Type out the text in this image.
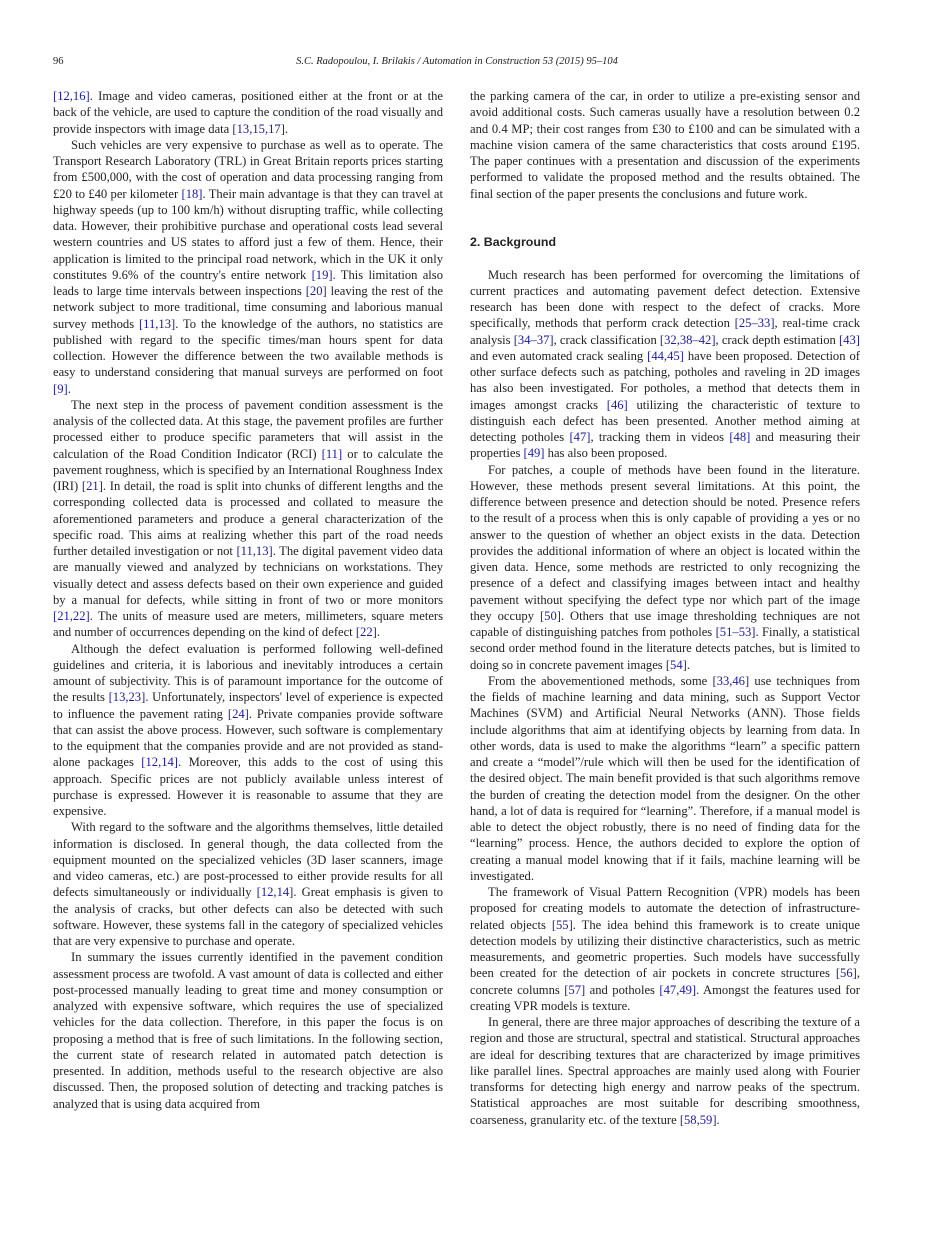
96	S.C. Radopoulou, I. Brilakis / Automation in Construction 53 (2015) 95–104

[12,16]. Image and video cameras, positioned either at the front or at the back of the vehicle, are used to capture the condition of the road visually and provide inspectors with image data [13,15,17].

Such vehicles are very expensive to purchase as well as to operate. The Transport Research Laboratory (TRL) in Great Britain reports prices starting from £500,000, with the cost of operation and data processing ranging from £20 to £40 per kilometer [18]. Their main advantage is that they can travel at highway speeds (up to 100 km/h) without disrupting traffic, while collecting data. However, their prohibitive purchase and operational costs lead several western countries and US states to afford just a few of them. Hence, their application is limited to the principal road network, which in the UK it only constitutes 9.6% of the country's entire network [19]. This limitation also leads to large time intervals between inspections [20] leaving the rest of the network subject to more traditional, time consuming and laborious manual survey methods [11,13]. To the knowledge of the authors, no statistics are published with regard to the specific times/man hours spent for data collection. However the difference between the two available methods is easy to understand considering that manual surveys are performed on foot [9].

The next step in the process of pavement condition assessment is the analysis of the collected data. At this stage, the pavement profiles are further processed either to produce specific parameters that will assist in the calculation of the Road Condition Indicator (RCI) [11] or to calculate the pavement roughness, which is specified by an International Roughness Index (IRI) [21]. In detail, the road is split into chunks of different lengths and the corresponding collected data is processed and collated to measure the aforementioned parameters and produce a general characterization of the specific road. This aims at realizing whether this part of the road needs further detailed investigation or not [11,13]. The digital pavement video data are manually viewed and analyzed by technicians on workstations. They visually detect and assess defects based on their own experience and guided by a manual for defects, while sitting in front of two or more monitors [21,22]. The units of measure used are meters, millimeters, square meters and number of occurrences depending on the kind of defect [22].

Although the defect evaluation is performed following well-defined guidelines and criteria, it is laborious and inevitably introduces a certain amount of subjectivity. This is of paramount importance for the outcome of the results [13,23]. Unfortunately, inspectors' level of experience is expected to influence the pavement rating [24]. Private companies provide software that can assist the above process. However, such software is complementary to the equipment that the companies provide and are not provided as stand-alone packages [12,14]. Moreover, this adds to the cost of using this approach. Specific prices are not publicly available unless interest of purchase is expressed. However it is reasonable to assume that they are expensive.

With regard to the software and the algorithms themselves, little detailed information is disclosed. In general though, the data collected from the equipment mounted on the specialized vehicles (3D laser scanners, image and video cameras, etc.) are post-processed to either provide results for all defects simultaneously or individually [12,14]. Great emphasis is given to the analysis of cracks, but other defects can also be detected with such software. However, these systems fall in the category of specialized vehicles that are very expensive to purchase and operate.

In summary the issues currently identified in the pavement condition assessment process are twofold. A vast amount of data is collected and either post-processed manually leading to great time and money consumption or analyzed with expensive software, which requires the use of specialized vehicles for the data collection. Therefore, in this paper the focus is on proposing a method that is free of such limitations. In the following section, the current state of research related in automated patch detection is presented. In addition, methods useful to the research objective are also discussed. Then, the proposed solution of detecting and tracking patches is analyzed that is using data acquired from

the parking camera of the car, in order to utilize a pre-existing sensor and avoid additional costs. Such cameras usually have a resolution between 0.2 and 0.4 MP; their cost ranges from £30 to £100 and can be simulated with a machine vision camera of the same characteristics that costs around £195. The paper continues with a presentation and discussion of the experiments performed to validate the proposed method and the results obtained. The final section of the paper presents the conclusions and future work.

2. Background

Much research has been performed for overcoming the limitations of current practices and automating pavement defect detection. Extensive research has been done with respect to the defect of cracks. More specifically, methods that perform crack detection [25–33], real-time crack analysis [34–37], crack classification [32,38–42], crack depth estimation [43] and even automated crack sealing [44,45] have been proposed. Detection of other surface defects such as patching, potholes and raveling in 2D images has also been investigated. For potholes, a method that detects them in images amongst cracks [46] utilizing the characteristic of texture to distinguish each defect has been presented. Another method aiming at detecting potholes [47], tracking them in videos [48] and measuring their properties [49] has also been proposed.

For patches, a couple of methods have been found in the literature. However, these methods present several limitations. At this point, the difference between presence and detection should be noted. Presence refers to the result of a process when this is only capable of providing a yes or no answer to the question of whether an object exists in the data. Detection provides the additional information of where an object is located within the given data. Hence, some methods are restricted to only recognizing the presence of a defect and classifying images between intact and healthy pavement without specifying the defect type nor which part of the image they occupy [50]. Others that use image thresholding techniques are not capable of distinguishing patches from potholes [51–53]. Finally, a statistical second order method found in the literature detects patches, but is limited to doing so in concrete pavement images [54].

From the abovementioned methods, some [33,46] use techniques from the fields of machine learning and data mining, such as Support Vector Machines (SVM) and Artificial Neural Networks (ANN). Those fields include algorithms that aim at identifying objects by learning from data. In other words, data is used to make the algorithms “learn” a specific pattern and create a “model”/rule which will then be used for the identification of the desired object. The main benefit provided is that such algorithms remove the burden of creating the detection model from the designer. On the other hand, a lot of data is required for “learning”. Therefore, if a manual model is able to detect the object robustly, there is no need of finding data for the “learning” process. Hence, the authors decided to explore the option of creating a manual model knowing that if it fails, machine learning will be investigated.

The framework of Visual Pattern Recognition (VPR) models has been proposed for creating models to automate the detection of infrastructure-related objects [55]. The idea behind this framework is to create unique detection models by utilizing their distinctive characteristics, such as metric measurements, and geometric properties. Such models have successfully been created for the detection of air pockets in concrete structures [56], concrete columns [57] and potholes [47,49]. Amongst the features used for creating VPR models is texture.

In general, there are three major approaches of describing the texture of a region and those are structural, spectral and statistical. Structural approaches are ideal for describing textures that are characterized by image primitives like parallel lines. Spectral approaches are mainly used along with Fourier transforms for detecting high energy and narrow peaks of the spectrum. Statistical approaches are most suitable for describing smoothness, coarseness, granularity etc. of the texture [58,59].
